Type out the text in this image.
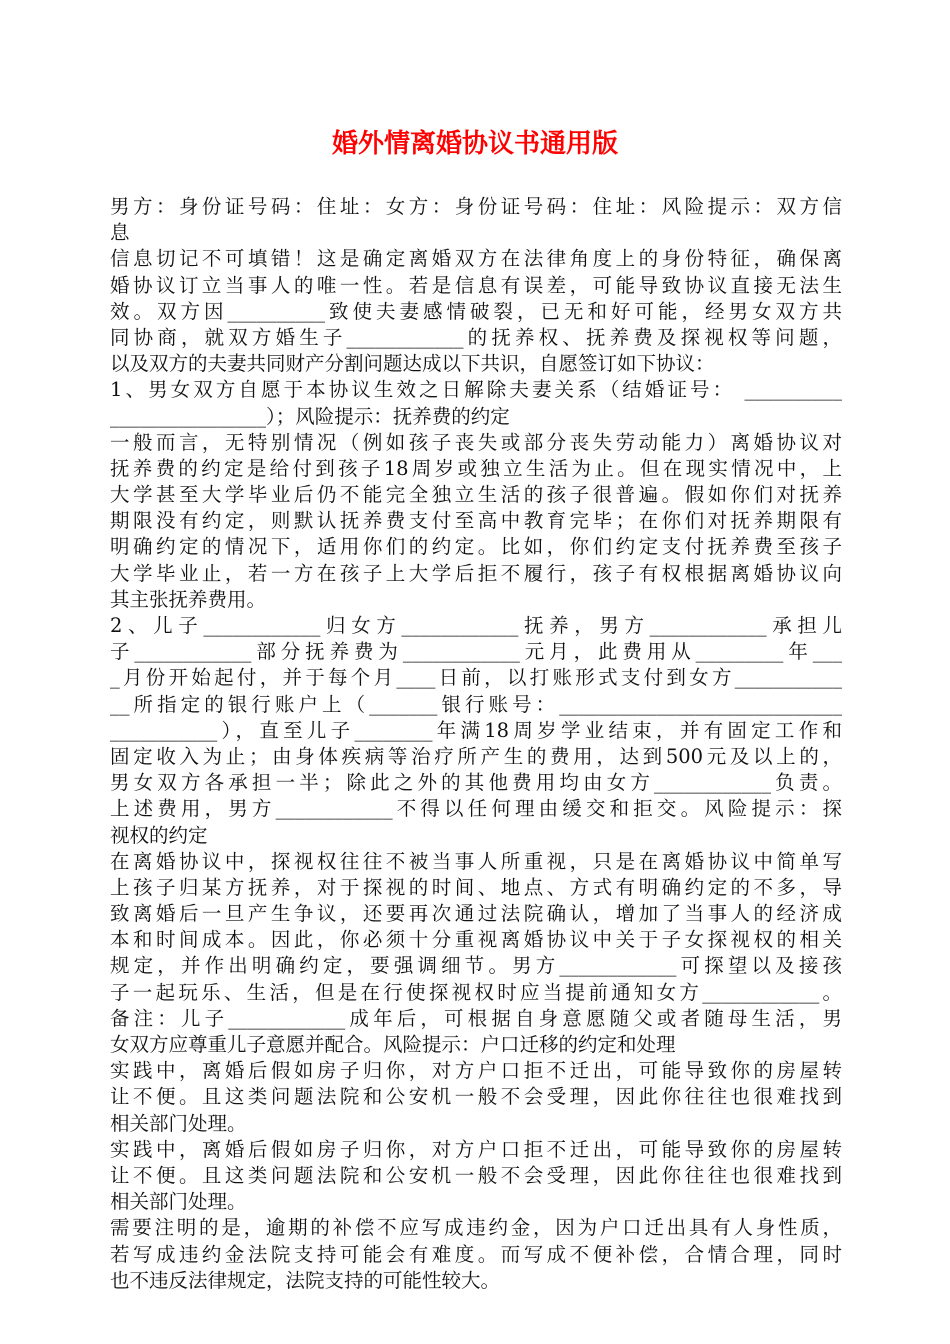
婚外情离婚协议书通用版
男方：身份证号码：住址：女方：身份证号码：住址：风险提示：双方信
息
信息切记不可填错！这是确定离婚双方在法律角度上的身份特征，确保离
婚协议订立当事人的唯一性。若是信息有误差，可能导致协议直接无法生
效。双方因__________致使夫妻感情破裂，已无和好可能，经男女双方共
同协商，就双方婚生子____________的抚养权、抚养费及探视权等问题，
以及双方的夫妻共同财产分割问题达成以下共识，自愿签订如下协议：
1、男女双方自愿于本协议生效之日解除夫妻关系（结婚证号： __________
________________）；风险提示：抚养费的约定
一般而言，无特别情况（例如孩子丧失或部分丧失劳动能力）离婚协议对
抚养费的约定是给付到孩子18周岁或独立生活为止。但在现实情况中，上
大学甚至大学毕业后仍不能完全独立生活的孩子很普遍。假如你们对抚养
期限没有约定，则默认抚养费支付至高中教育完毕；在你们对抚养期限有
明确约定的情况下，适用你们的约定。比如，你们约定支付抚养费至孩子
大学毕业止，若一方在孩子上大学后拒不履行，孩子有权根据离婚协议向
其主张抚养费用。
2、儿子____________归女方____________抚养，男方____________承担儿
子____________部分抚养费为____________元月，此费用从_________年___
_月份开始起付，并于每个月____日前，以打账形式支付到女方___________
__所指定的银行账户上（_______银行账号：_____________________________
___________），直至儿子________年满18周岁学业结束，并有固定工作和
固定收入为止；由身体疾病等治疗所产生的费用，达到500元及以上的，
男女双方各承担一半；除此之外的其他费用均由女方____________负责。
上述费用，男方____________不得以任何理由缓交和拒交。风险提示：探
视权的约定
在离婚协议中，探视权往往不被当事人所重视，只是在离婚协议中简单写
上孩子归某方抚养，对于探视的时间、地点、方式有明确约定的不多，导
致离婚后一旦产生争议，还要再次通过法院确认，增加了当事人的经济成
本和时间成本。因此，你必须十分重视离婚协议中关于子女探视权的相关
规定，并作出明确约定，要强调细节。男方____________可探望以及接孩
子一起玩乐、生活，但是在行使探视权时应当提前通知女方____________。
备注：儿子____________成年后，可根据自身意愿随父或者随母生活，男
女双方应尊重儿子意愿并配合。风险提示：户口迁移的约定和处理
实践中，离婚后假如房子归你，对方户口拒不迁出，可能导致你的房屋转
让不便。且这类问题法院和公安机一般不会受理，因此你往往也很难找到
相关部门处理。
实践中，离婚后假如房子归你，对方户口拒不迁出，可能导致你的房屋转
让不便。且这类问题法院和公安机一般不会受理，因此你往往也很难找到
相关部门处理。
需要注明的是，逾期的补偿不应写成违约金，因为户口迁出具有人身性质，
若写成违约金法院支持可能会有难度。而写成不便补偿，合情合理，同时
也不违反法律规定，法院支持的可能性较大。
